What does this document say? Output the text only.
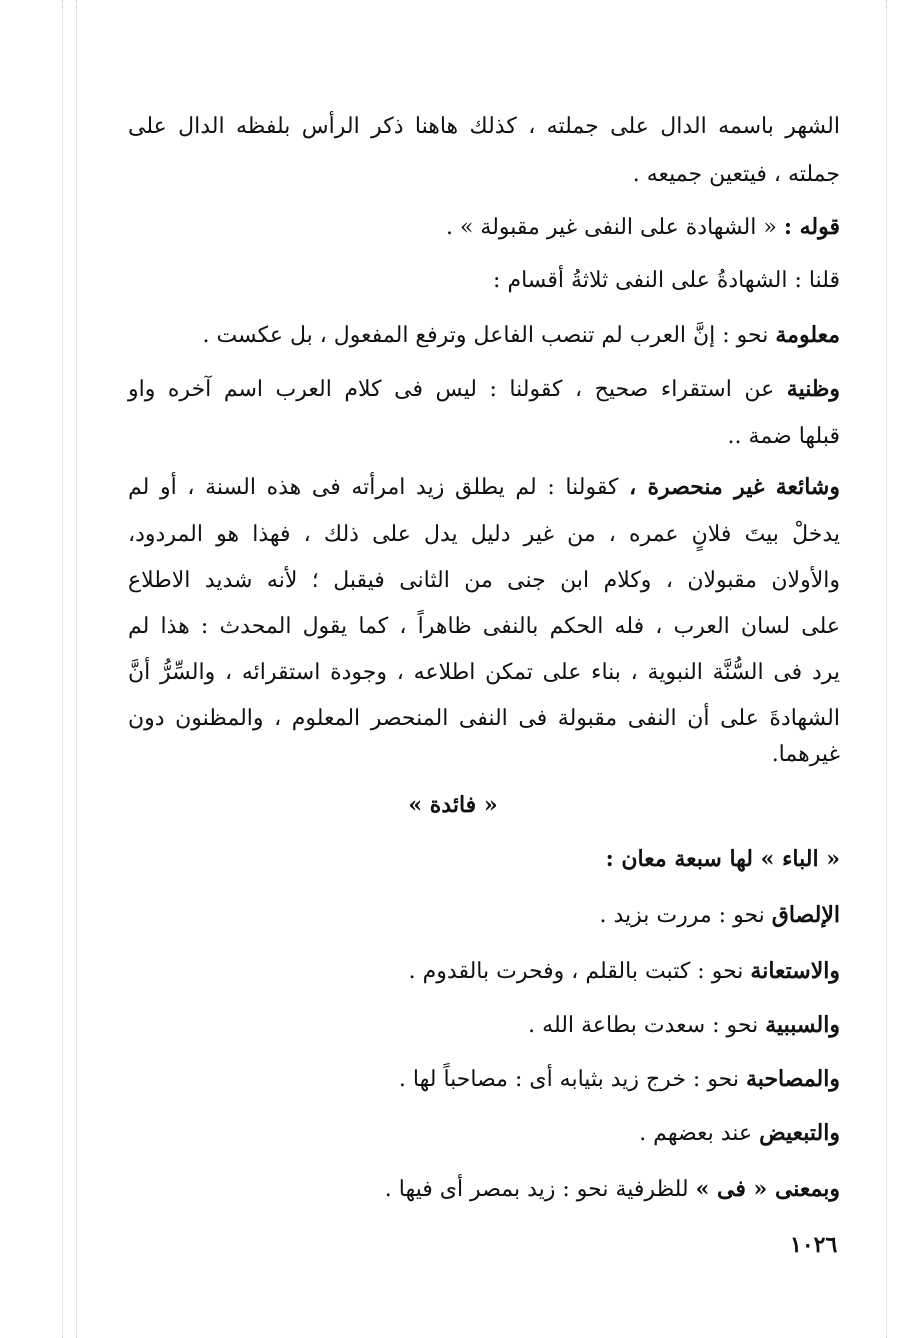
الشهر باسمه الدال على جملته ، كذلك هاهنا ذكر الرأس بلفظه الدال على
جملته ، فيتعين جميعه .
قوله : « الشهادة على النفى غير مقبولة » .
قلنا : الشهادةُ على النفى ثلاثةُ أقسام :
معلومة نحو : إنَّ العرب لم تنصب الفاعل وترفع المفعول ، بل عكست .
وظنية عن استقراء صحيح ، كقولنا : ليس فى كلام العرب اسم آخره واو
قبلها ضمة ..
وشائعة غير منحصرة ، كقولنا : لم يطلق زيد امرأته فى هذه السنة ، أو لم
يدخلْ بيتَ فلانٍ عمره ، من غير دليل يدل على ذلك ، فهذا هو المردود،
والأولان مقبولان ، وكلام ابن جنى من الثانى فيقبل ؛ لأنه شديد الاطلاع
على لسان العرب ، فله الحكم بالنفى ظاهراً ، كما يقول المحدث : هذا لم
يرد فى السُّنَّة النبوية ، بناء على تمكن اطلاعه ، وجودة استقرائه ، والسِّرُّ أنَّ
الشهادةَ على أن النفى مقبولة فى النفى المنحصر المعلوم ، والمظنون دون
غيرهما.
« فائدة »
« الباء » لها سبعة معان :
الإلصاق نحو : مررت بزيد .
والاستعانة نحو : كتبت بالقلم ، وفحرت بالقدوم .
والسببية نحو : سعدت بطاعة الله .
والمصاحبة نحو : خرج زيد بثيابه أى : مصاحباً لها .
والتبعيض عند بعضهم .
وبمعنى « فى » للظرفية نحو : زيد بمصر أى فيها .
١٠٢٦
